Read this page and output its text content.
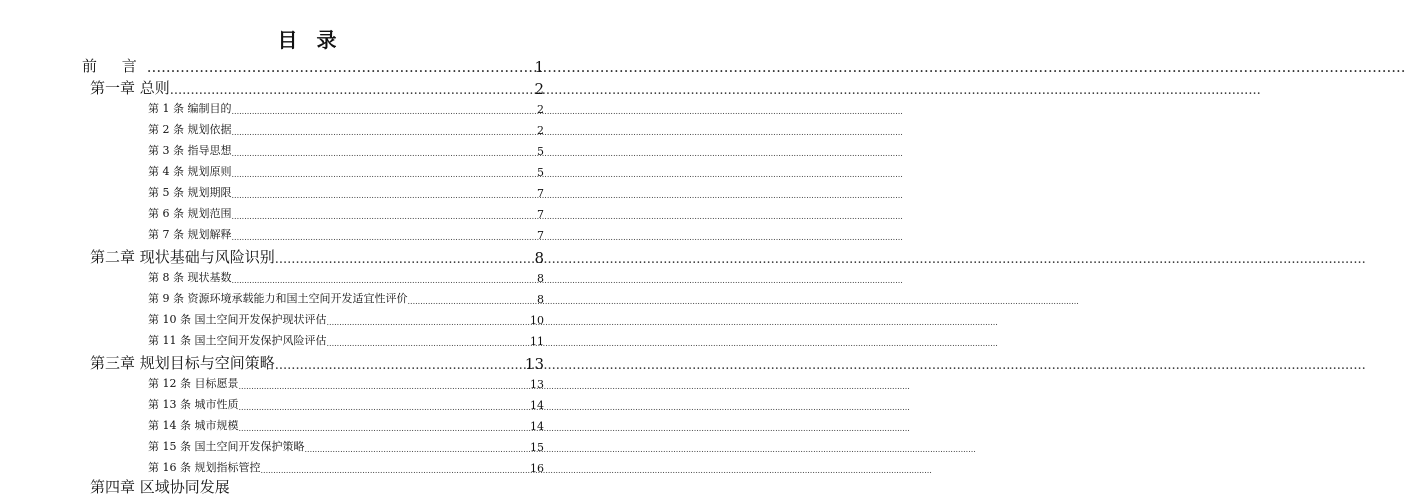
目 录
前 言 .....	1
第一章 总则 .....	2
第 1 条 编制目的 .....	2
第 2 条 规划依据 .....	2
第 3 条 指导思想 .....	5
第 4 条 规划原则 .....	5
第 5 条 规划期限 .....	7
第 6 条 规划范围 .....	7
第 7 条 规划解释 .....	7
第二章 现状基础与风险识别 .....	8
第 8 条 现状基数 .....	8
第 9 条 资源环境承载能力和国土空间开发适宜性评价 .....	8
第 10 条 国土空间开发保护现状评估 .....	10
第 11 条 国土空间开发保护风险评估 .....	11
第三章 规划目标与空间策略 .....	13
第 12 条 目标愿景 .....	13
第 13 条 城市性质 .....	14
第 14 条 城市规模 .....	14
第 15 条 国土空间开发保护策略 .....	15
第 16 条 规划指标管控 .....	16
第四章 区域协同发展
